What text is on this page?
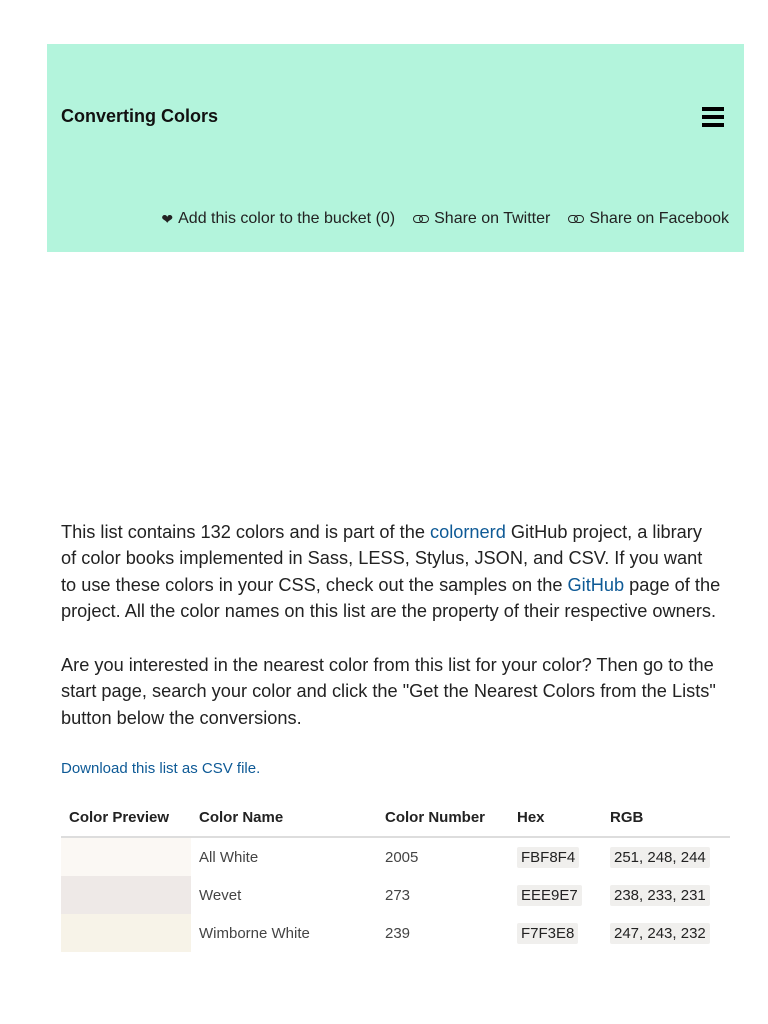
Converting Colors
❤ Add this color to the bucket (0) Share on Twitter Share on Facebook

This list contains 132 colors and is part of the colornerd GitHub project, a library of color books implemented in Sass, LESS, Stylus, JSON, and CSV. If you want to use these colors in your CSS, check out the samples on the GitHub page of the project. All the color names on this list are the property of their respective owners.

Are you interested in the nearest color from this list for your color? Then go to the start page, search your color and click the "Get the Nearest Colors from the Lists" button below the conversions.

Download this list as CSV file.
Color Preview	Color Name	Color Number	Hex	RGB
	All White	2005	FBF8F4	251, 248, 244
	Wevet	273	EEE9E7	238, 233, 231
	Wimborne White	239	F7F3E8	247, 243, 232
